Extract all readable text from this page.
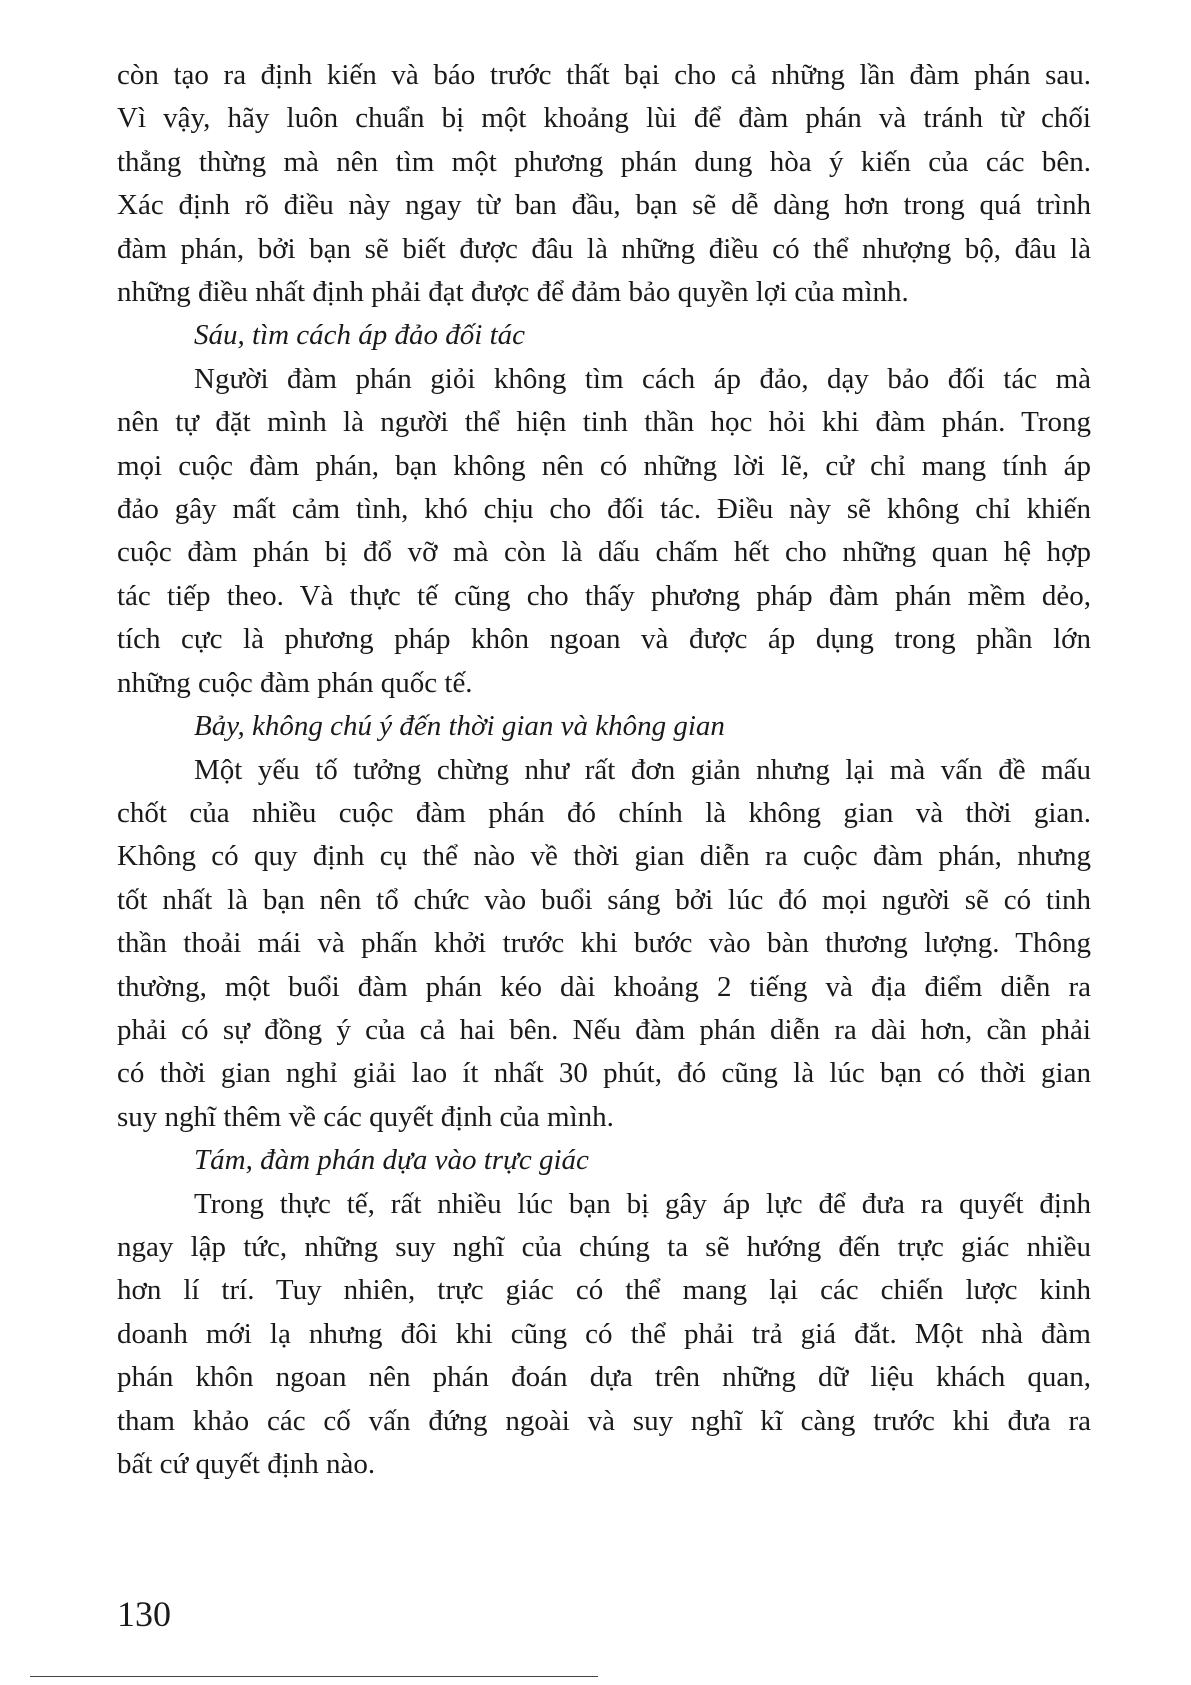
còn tạo ra định kiến và báo trước thất bại cho cả những lần đàm phán sau.
Vì vậy, hãy luôn chuẩn bị một khoảng lùi để đàm phán và tránh từ chối
thẳng thừng mà nên tìm một phương phán dung hòa ý kiến của các bên.
Xác định rõ điều này ngay từ ban đầu, bạn sẽ dễ dàng hơn trong quá trình
đàm phán, bởi bạn sẽ biết được đâu là những điều có thể nhượng bộ, đâu là
những điều nhất định phải đạt được để đảm bảo quyền lợi của mình.
Sáu, tìm cách áp đảo đối tác
Người đàm phán giỏi không tìm cách áp đảo, dạy bảo đối tác mà
nên tự đặt mình là người thể hiện tinh thần học hỏi khi đàm phán. Trong
mọi cuộc đàm phán, bạn không nên có những lời lẽ, cử chỉ mang tính áp
đảo gây mất cảm tình, khó chịu cho đối tác. Điều này sẽ không chỉ khiến
cuộc đàm phán bị đổ vỡ mà còn là dấu chấm hết cho những quan hệ hợp
tác tiếp theo. Và thực tế cũng cho thấy phương pháp đàm phán mềm dẻo,
tích cực là phương pháp khôn ngoan và được áp dụng trong phần lớn
những cuộc đàm phán quốc tế.
Bảy, không chú ý đến thời gian và không gian
Một yếu tố tưởng chừng như rất đơn giản nhưng lại mà vấn đề mấu
chốt của nhiều cuộc đàm phán đó chính là không gian và thời gian.
Không có quy định cụ thể nào về thời gian diễn ra cuộc đàm phán, nhưng
tốt nhất là bạn nên tổ chức vào buổi sáng bởi lúc đó mọi người sẽ có tinh
thần thoải mái và phấn khởi trước khi bước vào bàn thương lượng. Thông
thường, một buổi đàm phán kéo dài khoảng 2 tiếng và địa điểm diễn ra
phải có sự đồng ý của cả hai bên. Nếu đàm phán diễn ra dài hơn, cần phải
có thời gian nghỉ giải lao ít nhất 30 phút, đó cũng là lúc bạn có thời gian
suy nghĩ thêm về các quyết định của mình.
Tám, đàm phán dựa vào trực giác
Trong thực tế, rất nhiều lúc bạn bị gây áp lực để đưa ra quyết định
ngay lập tức, những suy nghĩ của chúng ta sẽ hướng đến trực giác nhiều
hơn lí trí. Tuy nhiên, trực giác có thể mang lại các chiến lược kinh
doanh mới lạ nhưng đôi khi cũng có thể phải trả giá đắt. Một nhà đàm
phán khôn ngoan nên phán đoán dựa trên những dữ liệu khách quan,
tham khảo các cố vấn đứng ngoài và suy nghĩ kĩ càng trước khi đưa ra
bất cứ quyết định nào.
130
